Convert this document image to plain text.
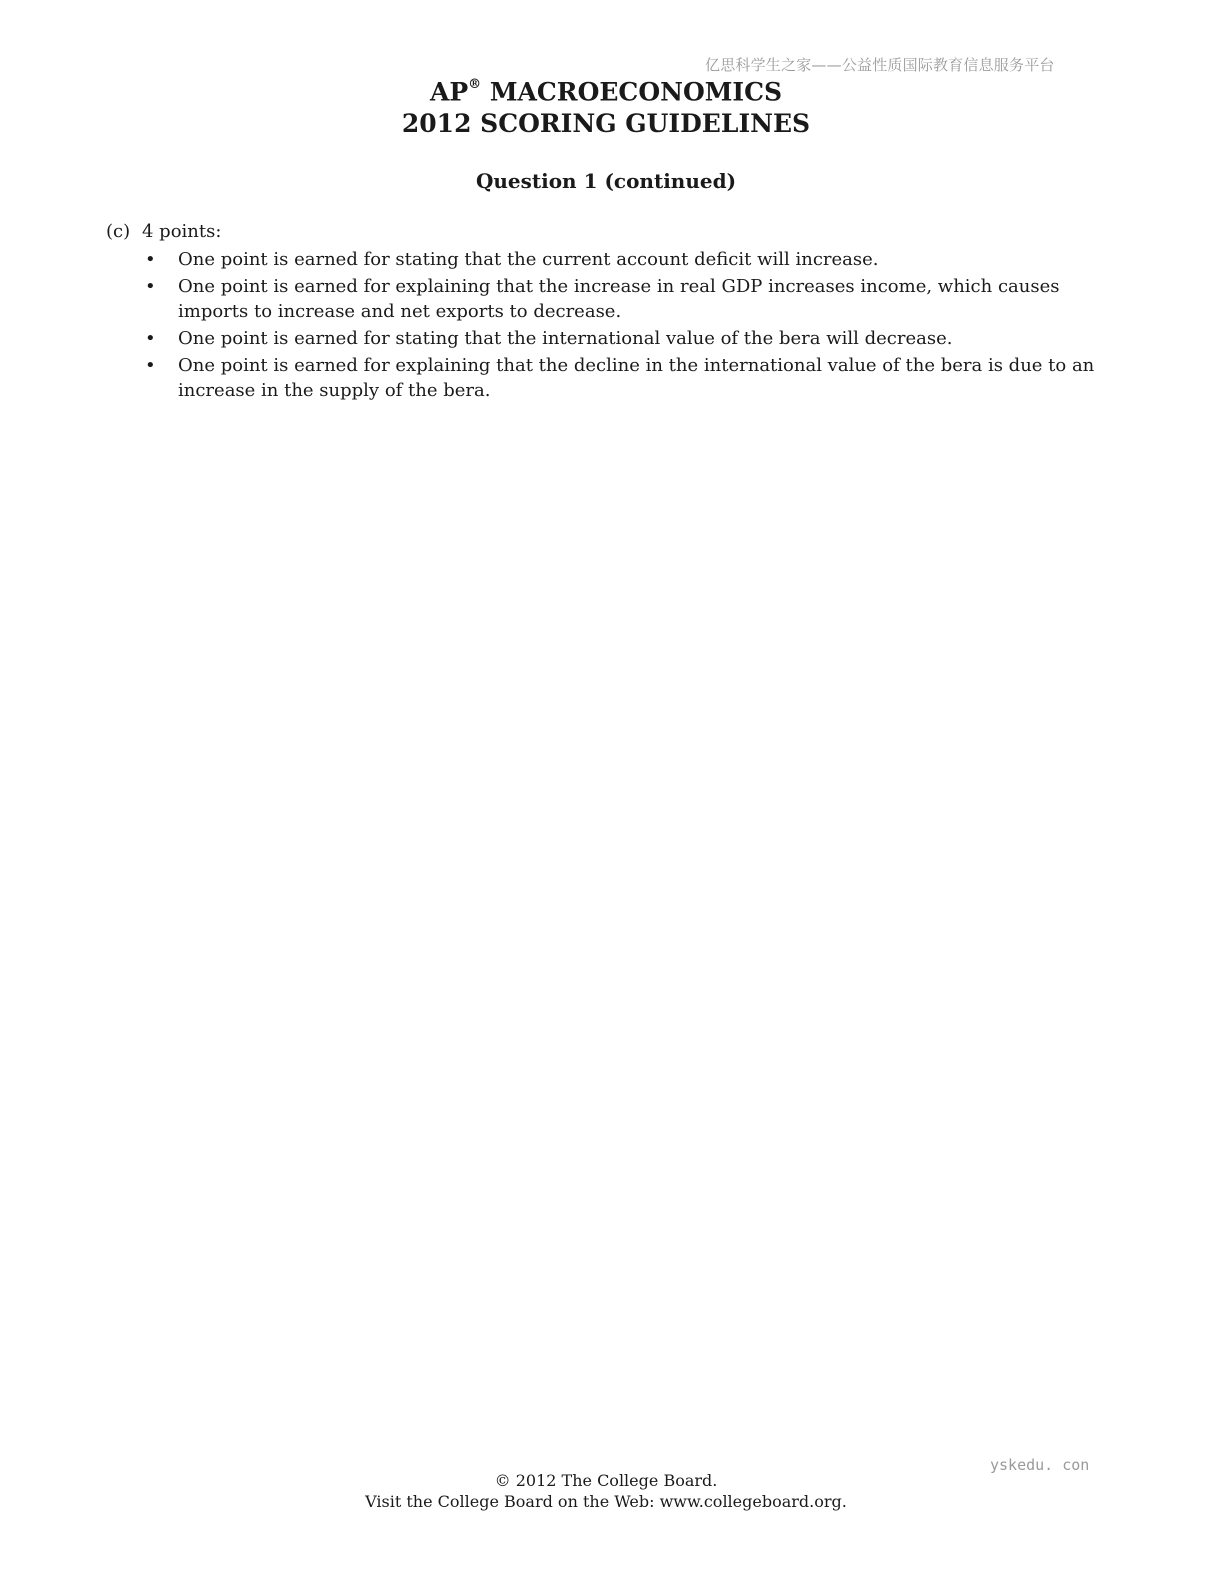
亿思科学生之家——公益性质国际教育信息服务平台
AP® MACROECONOMICS
2012 SCORING GUIDELINES
Question 1 (continued)
(c) 4 points:
• One point is earned for stating that the current account deficit will increase.
• One point is earned for explaining that the increase in real GDP increases income, which causes imports to increase and net exports to decrease.
• One point is earned for stating that the international value of the bera will decrease.
• One point is earned for explaining that the decline in the international value of the bera is due to an increase in the supply of the bera.
yskedu. con
© 2012 The College Board.
Visit the College Board on the Web: www.collegeboard.org.
